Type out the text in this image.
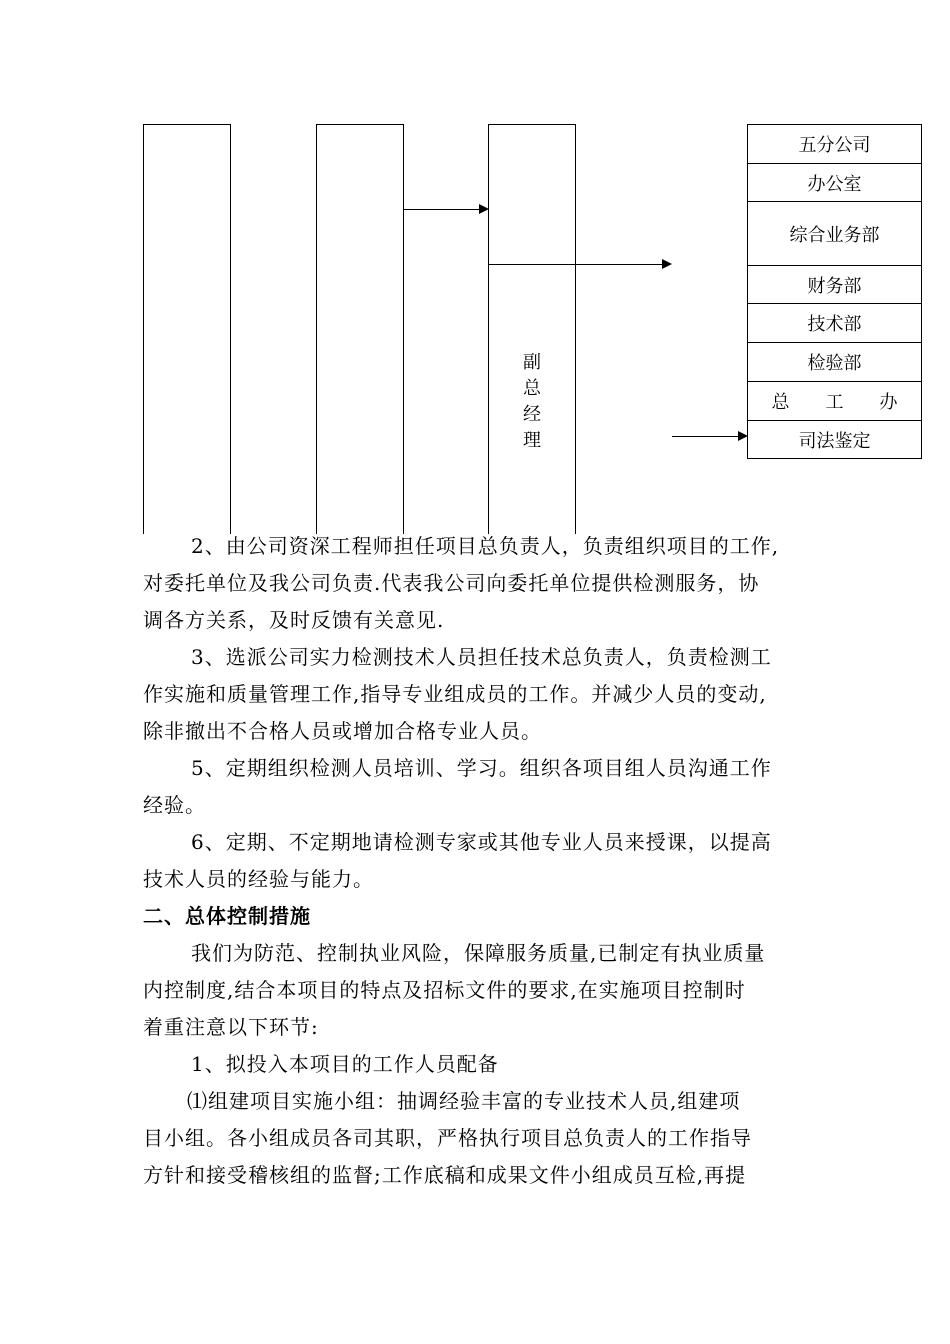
副
总
经
理
五分公司
办公室
综合业务部
财务部
技术部
检验部
总　　工　　办
司法鉴定
2、由公司资深工程师担任项目总负责人，负责组织项目的工作,
对委托单位及我公司负责.代表我公司向委托单位提供检测服务，协
调各方关系，及时反馈有关意见.
3、选派公司实力检测技术人员担任技术总负责人，负责检测工
作实施和质量管理工作,指导专业组成员的工作。并减少人员的变动,
除非撤出不合格人员或增加合格专业人员。
5、定期组织检测人员培训、学习。组织各项目组人员沟通工作
经验。
6、定期、不定期地请检测专家或其他专业人员来授课，以提高
技术人员的经验与能力。
二、总体控制措施
我们为防范、控制执业风险，保障服务质量,已制定有执业质量
内控制度,结合本项目的特点及招标文件的要求,在实施项目控制时
着重注意以下环节:
1、拟投入本项目的工作人员配备
⑴组建项目实施小组：抽调经验丰富的专业技术人员,组建项
目小组。各小组成员各司其职，严格执行项目总负责人的工作指导
方针和接受稽核组的监督;工作底稿和成果文件小组成员互检,再提
